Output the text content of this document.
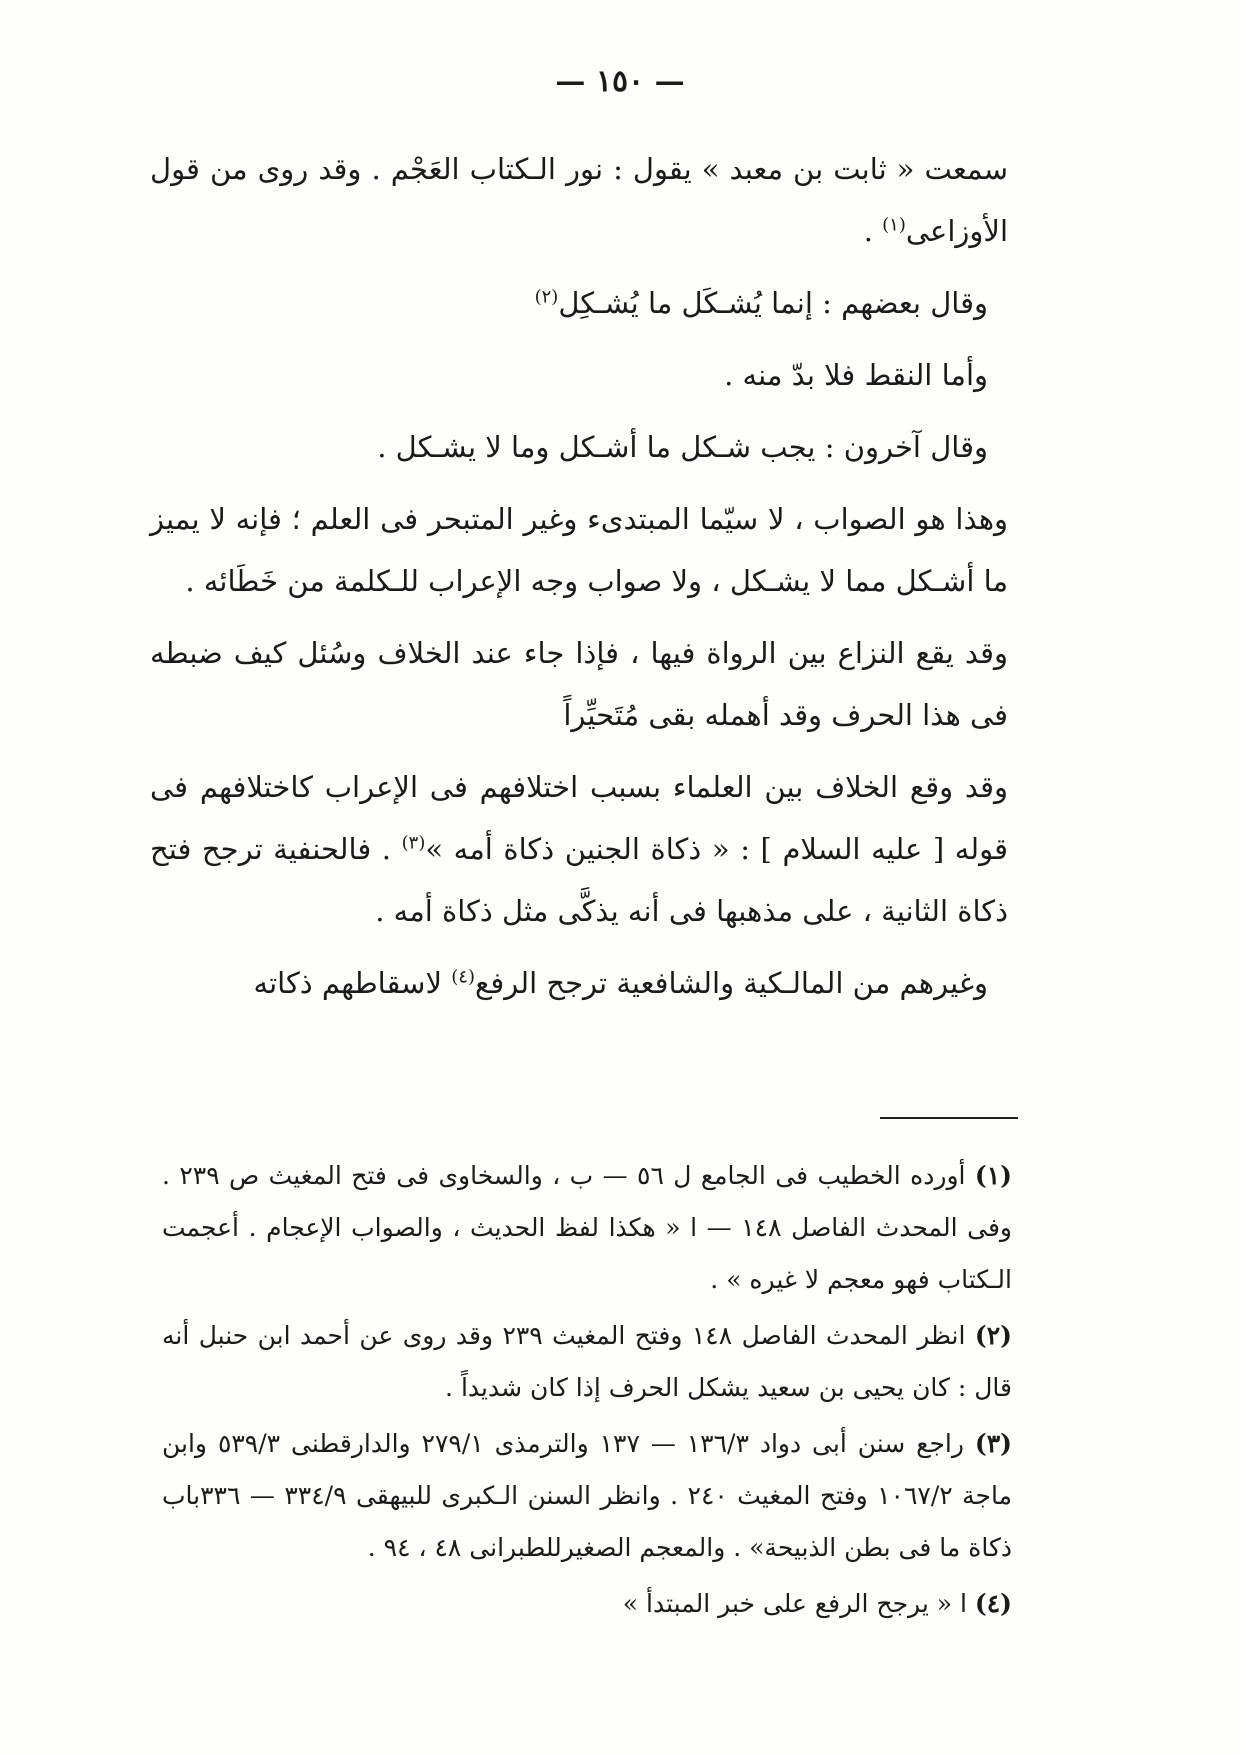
— ١٥٠ —

سمعت « ثابت بن معبد » يقول : نور الـكتاب العَجْم . وقد روى من قول الأوزاعى$^{(١)}$ .

وقال بعضهم : إنما يُشـكَل ما يُشـكِل$^{(٢)}$

وأما النقط فلا بدّ منه .

وقال آخرون : يجب شـكل ما أشـكل وما لا يشـكل .

وهذا هو الصواب ، لا سيّما المبتدىء وغير المتبحر فى العلم ؛ فإنه لا يميز ما أشـكل مما لا يشـكل ، ولا صواب وجه الإعراب للـكلمة من خَطَائه .

وقد يقع النزاع بين الرواة فيها ، فإذا جاء عند الخلاف وسُئل كيف ضبطه فى هذا الحرف وقد أهمله بقى مُتَحيِّراً

وقد وقع الخلاف بين العلماء بسبب اختلافهم فى الإعراب كاختلافهم فى قوله [ عليه السلام ] : « ذكاة الجنين ذكاة أمه »$^{(٣)}$ . فالحنفية ترجح فتح ذكاة الثانية ، على مذهبها فى أنه يذكَّى مثل ذكاة أمه .

وغيرهم من المالـكية والشافعية ترجح الرفع$^{(٤)}$ لاسقاطهم ذكاته

(١) أورده الخطيب فى الجامع ل ٥٦ — ب ، والسخاوى فى فتح المغيث ص ٢٣٩ . وفى المحدث الفاصل ١٤٨ — ا « هكذا لفظ الحديث ، والصواب الإعجام . أعجمت الـكتاب فهو معجم لا غيره » .

(٢) انظر المحدث الفاصل ١٤٨ وفتح المغيث ٢٣٩ وقد روى عن أحمد ابن حنبل أنه قال : كان يحيى بن سعيد يشكل الحرف إذا كان شديداً .

(٣) راجع سنن أبى دواد ١٣٦/٣ — ١٣٧ والترمذى ٢٧٩/١ والدارقطنى ٥٣٩/٣ وابن ماجة ١٠٦٧/٢ وفتح المغيث ٢٤٠ . وانظر السنن الـكبرى للبيهقى ٣٣٤/٩ — ٣٣٦باب ذكاة ما فى بطن الذبيحة» . والمعجم الصغيرللطبرانى ٤٨ ، ٩٤ .

(٤) ا « يرجح الرفع على خبر المبتدأ »
